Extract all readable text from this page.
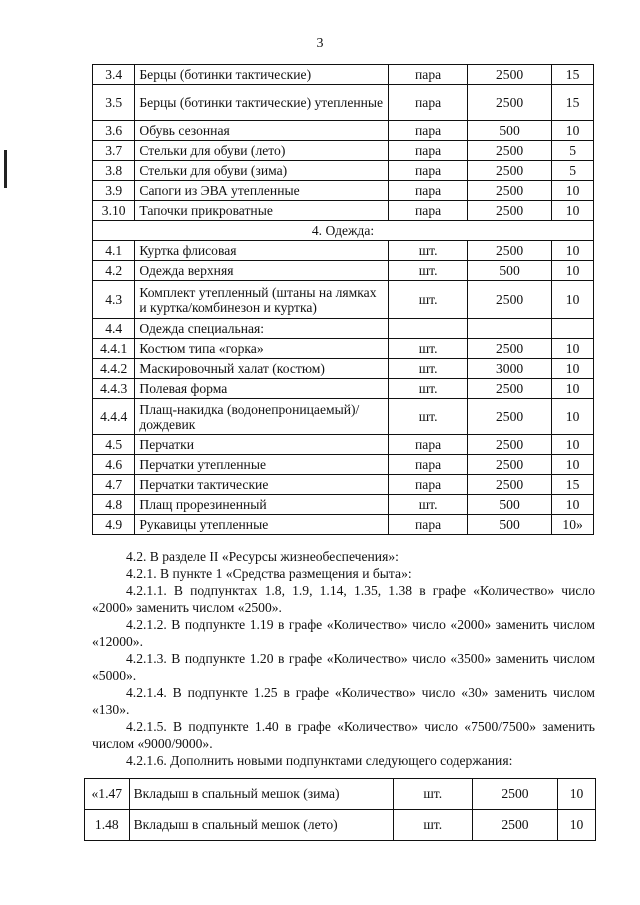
3
3.4	Берцы (ботинки тактические)	пара	2500	15
3.5	Берцы (ботинки тактические) утепленные	пара	2500	15
3.6	Обувь сезонная	пара	500	10
3.7	Стельки для обуви (лето)	пара	2500	5
3.8	Стельки для обуви (зима)	пара	2500	5
3.9	Сапоги из ЭВА утепленные	пара	2500	10
3.10	Тапочки прикроватные	пара	2500	10
4. Одежда:				
4.1	Куртка флисовая	шт.	2500	10
4.2	Одежда верхняя	шт.	500	10
4.3	Комплект утепленный (штаны на лямках и куртка/комбинезон и куртка)	шт.	2500	10
4.4	Одежда специальная:			
4.4.1	Костюм типа «горка»	шт.	2500	10
4.4.2	Маскировочный халат (костюм)	шт.	3000	10
4.4.3	Полевая форма	шт.	2500	10
4.4.4	Плащ-накидка (водонепроницаемый)/ дождевик	шт.	2500	10
4.5	Перчатки	пара	2500	10
4.6	Перчатки утепленные	пара	2500	10
4.7	Перчатки тактические	пара	2500	15
4.8	Плащ прорезиненный	шт.	500	10
4.9	Рукавицы утепленные	пара	500	10»

4.2. В разделе II «Ресурсы жизнеобеспечения»:

4.2.1. В пункте 1 «Средства размещения и быта»:

4.2.1.1. В подпунктах 1.8, 1.9, 1.14, 1.35, 1.38 в графе «Количество» число «2000» заменить числом «2500».

4.2.1.2. В подпункте 1.19 в графе «Количество» число «2000» заменить числом «12000».

4.2.1.3. В подпункте 1.20 в графе «Количество» число «3500» заменить числом «5000».

4.2.1.4. В подпункте 1.25 в графе «Количество» число «30» заменить числом «130».

4.2.1.5. В подпункте 1.40 в графе «Количество» число «7500/7500» заменить числом «9000/9000».

4.2.1.6. Дополнить новыми подпунктами следующего содержания:

«1.47	Вкладыш в спальный мешок (зима)	шт.	2500	10
1.48	Вкладыш в спальный мешок (лето)	шт.	2500	10
